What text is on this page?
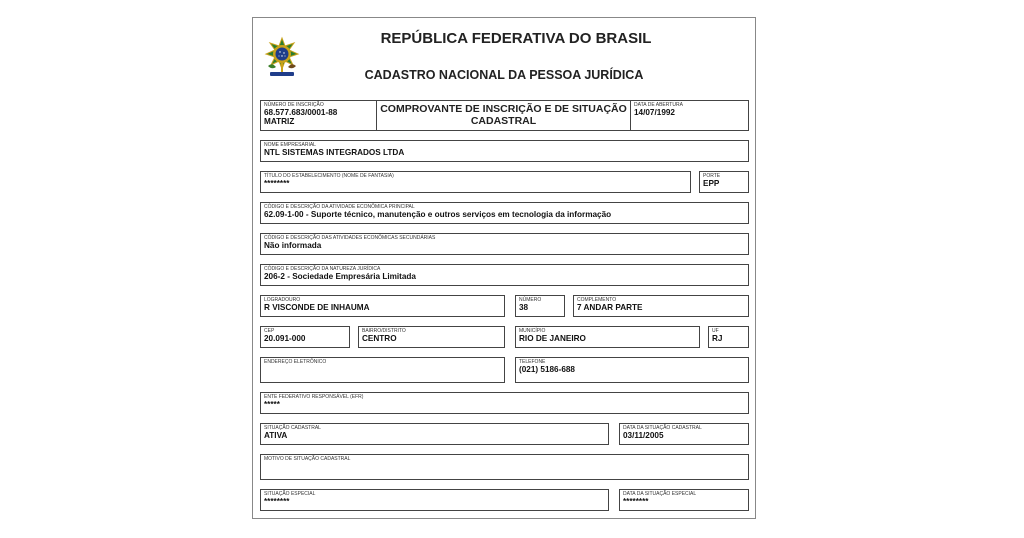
REPÚBLICA FEDERATIVA DO BRASIL
CADASTRO NACIONAL DA PESSOA JURÍDICA
NÚMERO DE INSCRIÇÃO
68.577.683/0001-88
MATRIZ
COMPROVANTE DE INSCRIÇÃO E DE SITUAÇÃO
CADASTRAL
DATA DE ABERTURA
14/07/1992
NOME EMPRESARIAL
NTL SISTEMAS INTEGRADOS LTDA
TÍTULO DO ESTABELECIMENTO (NOME DE FANTASIA)
********
PORTE
EPP
CÓDIGO E DESCRIÇÃO DA ATIVIDADE ECONÔMICA PRINCIPAL
62.09-1-00 - Suporte técnico, manutenção e outros serviços em tecnologia da informação
CÓDIGO E DESCRIÇÃO DAS ATIVIDADES ECONÔMICAS SECUNDÁRIAS
Não informada
CÓDIGO E DESCRIÇÃO DA NATUREZA JURÍDICA
206-2 - Sociedade Empresária Limitada
LOGRADOURO
R VISCONDE DE INHAUMA
NÚMERO
38
COMPLEMENTO
7 ANDAR PARTE
CEP
20.091-000
BAIRRO/DISTRITO
CENTRO
MUNICÍPIO
RIO DE JANEIRO
UF
RJ
ENDEREÇO ELETRÔNICO	TELEFONE
(021) 5186-688
ENTE FEDERATIVO RESPONSÁVEL (EFR)
*****
SITUAÇÃO CADASTRAL
ATIVA
DATA DA SITUAÇÃO CADASTRAL
03/11/2005
MOTIVO DE SITUAÇÃO CADASTRAL
SITUAÇÃO ESPECIAL
********
DATA DA SITUAÇÃO ESPECIAL
********
